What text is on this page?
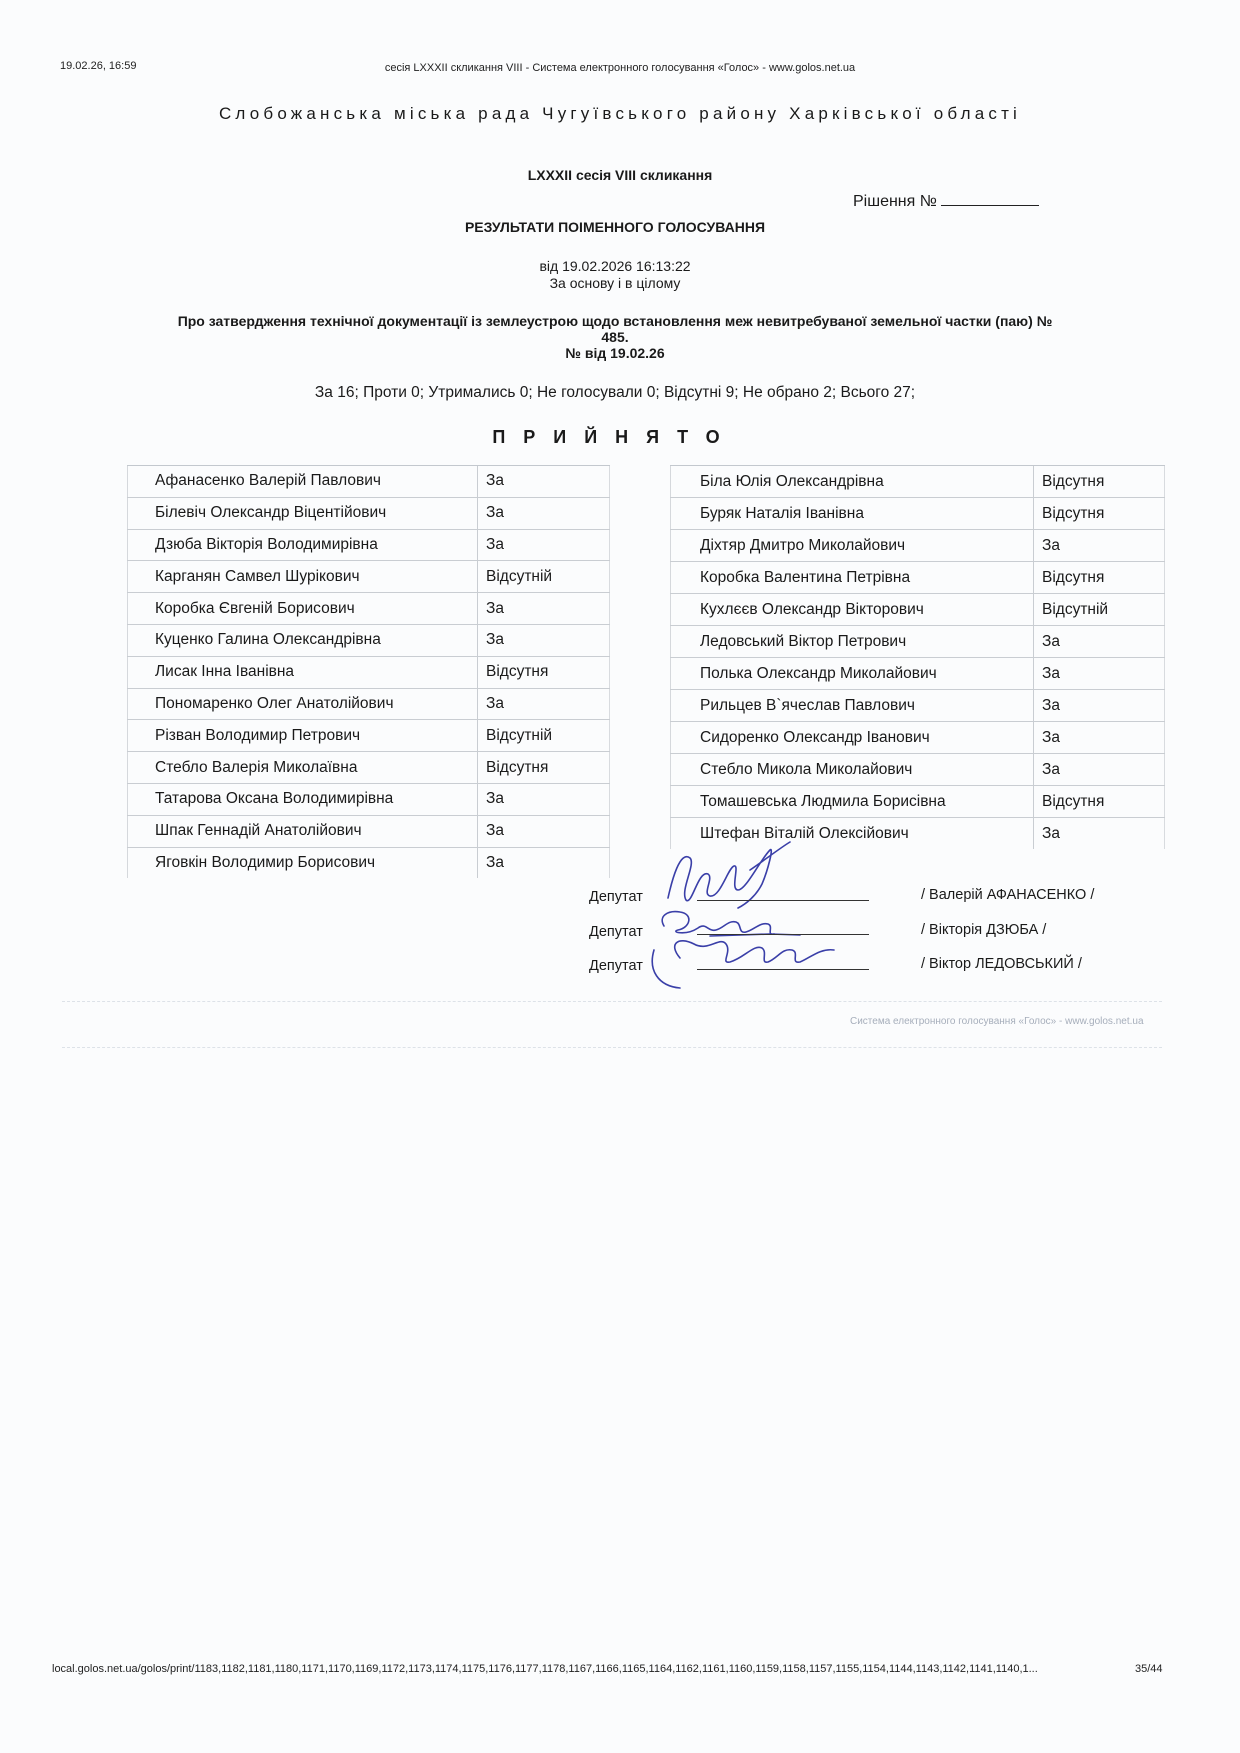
19.02.26, 16:59	сесія LXXXII скликання VIII - Система електронного голосування «Голос» - www.golos.net.ua
Слобожанська міська рада Чугуївського району Харківської області
LXXXII сесія VIII скликання
Рішення №
РЕЗУЛЬТАТИ ПОІМЕННОГО ГОЛОСУВАННЯ
від 19.02.2026 16:13:22
За основу і в цілому
Про затвердження технічної документації із землеустрою щодо встановлення меж невитребуваної земельної частки (паю) №
485.
№ від 19.02.26
За 16; Проти 0; Утримались 0; Не голосували 0; Відсутні 9; Не обрано 2; Всього 27;
ПРИЙНЯТО
Афанасенко Валерій Павлович	За
Білевіч Олександр Віцентійович	За
Дзюба Вікторія Володимирівна	За
Карганян Самвел Шурікович	Відсутній
Коробка Євгеній Борисович	За
Куценко Галина Олександрівна	За
Лисак Інна Іванівна	Відсутня
Пономаренко Олег Анатолійович	За
Різван Володимир Петрович	Відсутній
Стебло Валерія Миколаївна	Відсутня
Татарова Оксана Володимирівна	За
Шпак Геннадій Анатолійович	За
Яговкін Володимир Борисович	За
Біла Юлія Олександрівна	Відсутня
Буряк Наталія Іванівна	Відсутня
Діхтяр Дмитро Миколайович	За
Коробка Валентина Петрівна	Відсутня
Кухлєєв Олександр Вікторович	Відсутній
Ледовський Віктор Петрович	За
Полька Олександр Миколайович	За
Рильцев В`ячеслав Павлович	За
Сидоренко Олександр Іванович	За
Стебло Микола Миколайович	За
Томашевська Людмила Борисівна	Відсутня
Штефан Віталій Олексійович	За
Депутат	/ Валерій АФАНАСЕНКО /
Депутат	/ Вікторія ДЗЮБА /
Депутат	/ Віктор ЛЕДОВСЬКИЙ /
Система електронного голосування «Голос» - www.golos.net.ua
local.golos.net.ua/golos/print/1183,1182,1181,1180,1171,1170,1169,1172,1173,1174,1175,1176,1177,1178,1167,1166,1165,1164,1162,1161,1160,1159,1158,1157,1155,1154,1144,1143,1142,1141,1140,1...	35/44
